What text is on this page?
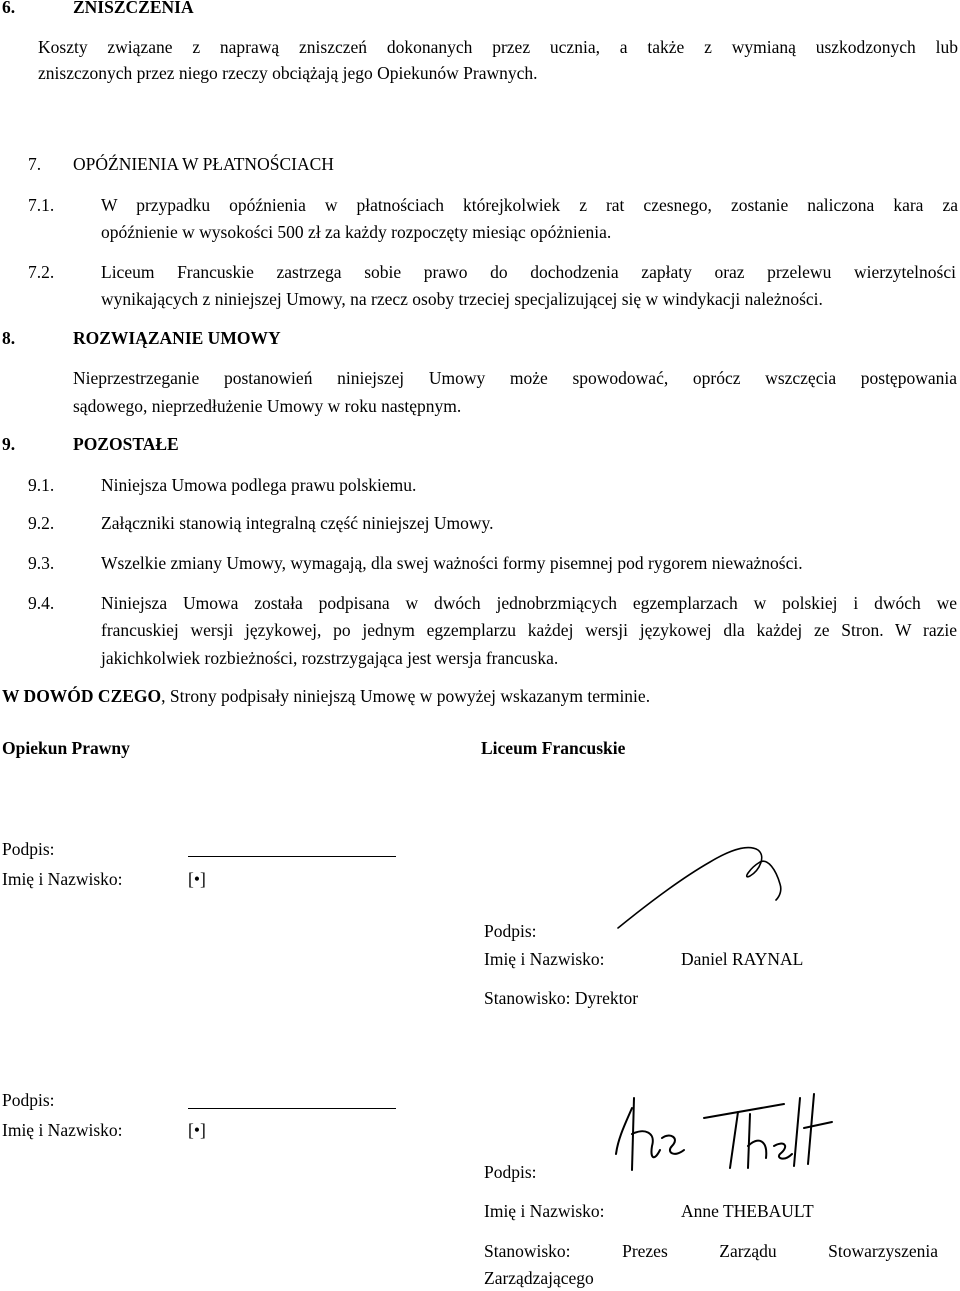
6.	ZNISZCZENIA
Koszty związane z naprawą zniszczeń dokonanych przez ucznia, a także z wymianą uszkodzonych lub
zniszczonych przez niego rzeczy obciążają jego Opiekunów Prawnych.
7. OPÓŹNIENIA W PŁATNOŚCIACH
7.1.	W przypadku opóźnienia w płatnościach którejkolwiek z rat czesnego, zostanie naliczona kara za
opóźnienie w wysokości 500 zł za każdy rozpoczęty miesiąc opóżnienia.
7.2.	Liceum Francuskie zastrzega sobie prawo do dochodzenia zapłaty oraz przelewu wierzytelności
wynikających z niniejszej Umowy, na rzecz osoby trzeciej specjalizującej się w windykacji należności.
8.	ROZWIĄZANIE UMOWY
Nieprzestrzeganie postanowień niniejszej Umowy może spowodować, oprócz wszczęcia postępowania
sądowego, nieprzedłużenie Umowy w roku następnym.
9.	POZOSTAŁE
9.1.	Niniejsza Umowa podlega prawu polskiemu.
9.2.	Załączniki stanowią integralną część niniejszej Umowy.
9.3.	Wszelkie zmiany Umowy, wymagają, dla swej ważności formy pisemnej pod rygorem nieważności.
9.4.	Niniejsza Umowa została podpisana w dwóch jednobrzmiących egzemplarzach w polskiej i dwóch we
francuskiej wersji językowej, po jednym egzemplarzu każdej wersji językowej dla każdej ze Stron. W razie
jakichkolwiek rozbieżności, rozstrzygająca jest wersja francuska.
W DOWÓD CZEGO, Strony podpisały niniejszą Umowę w powyżej wskazanym terminie.
Opiekun Prawny	Liceum Francuskie
Podpis:
Imię i Nazwisko:	[•]
Podpis:
Imię i Nazwisko:	Daniel RAYNAL
Stanowisko: Dyrektor
Podpis:
Imię i Nazwisko:	[•]
Podpis:
Imię i Nazwisko:	Anne THEBAULT
Stanowisko: Prezes Zarządu Stowarzyszenia
Zarządzającego
